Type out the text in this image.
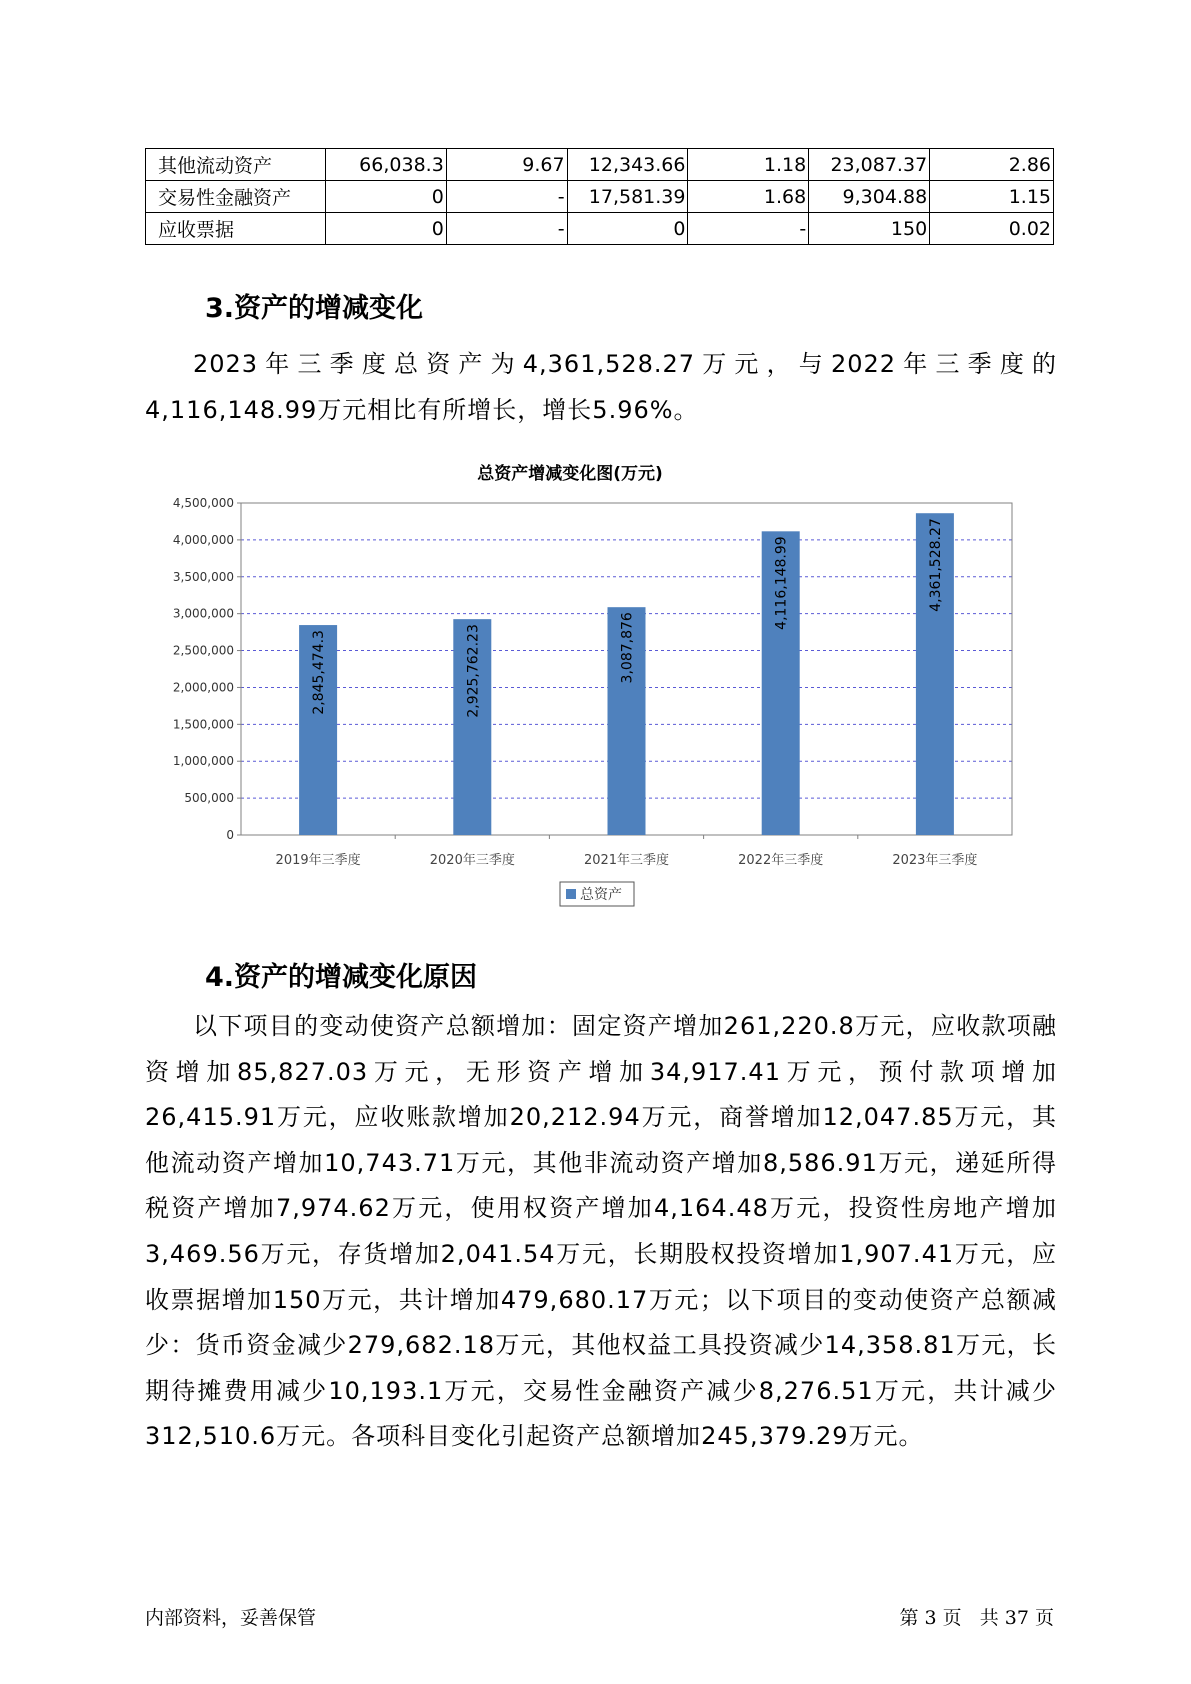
其他流动资产	66,038.3	9.67	12,343.66	1.18	23,087.37	2.86
交易性金融资产	0	-	17,581.39	1.68	9,304.88	1.15
应收票据	0	-	0	-	150	0.02
3.资产的增减变化

2023年三季度总资产为4,361,528.27万元，与2022年三季度的4,116,148.99万元相比有所增长，增长5.96%。

总资产增减变化图(万元)
2,845,474.3	2,925,762.23	3,087,876
4,116,148.99	4,361,528.27
0
500,000
1,000,000
1,500,000
2,000,000
2,500,000
3,000,000
3,500,000
4,000,000
4,500,000
2019年三季度	2020年三季度	2021年三季度	2022年三季度	2023年三季度
总资产
4.资产的增减变化原因

以下项目的变动使资产总额增加：固定资产增加261,220.8万元，应收款项融资增加85,827.03万元，无形资产增加34,917.41万元，预付款项增加26,415.91万元，应收账款增加20,212.94万元，商誉增加12,047.85万元，其他流动资产增加10,743.71万元，其他非流动资产增加8,586.91万元，递延所得税资产增加7,974.62万元，使用权资产增加4,164.48万元，投资性房地产增加3,469.56万元，存货增加2,041.54万元，长期股权投资增加1,907.41万元，应收票据增加150万元，共计增加479,680.17万元；以下项目的变动使资产总额减少：货币资金减少279,682.18万元，其他权益工具投资减少14,358.81万元，长期待摊费用减少10,193.1万元，交易性金融资产减少8,276.51万元，共计减少312,510.6万元。各项科目变化引起资产总额增加245,379.29万元。

内部资料，妥善保管	第 3 页   共 37 页
